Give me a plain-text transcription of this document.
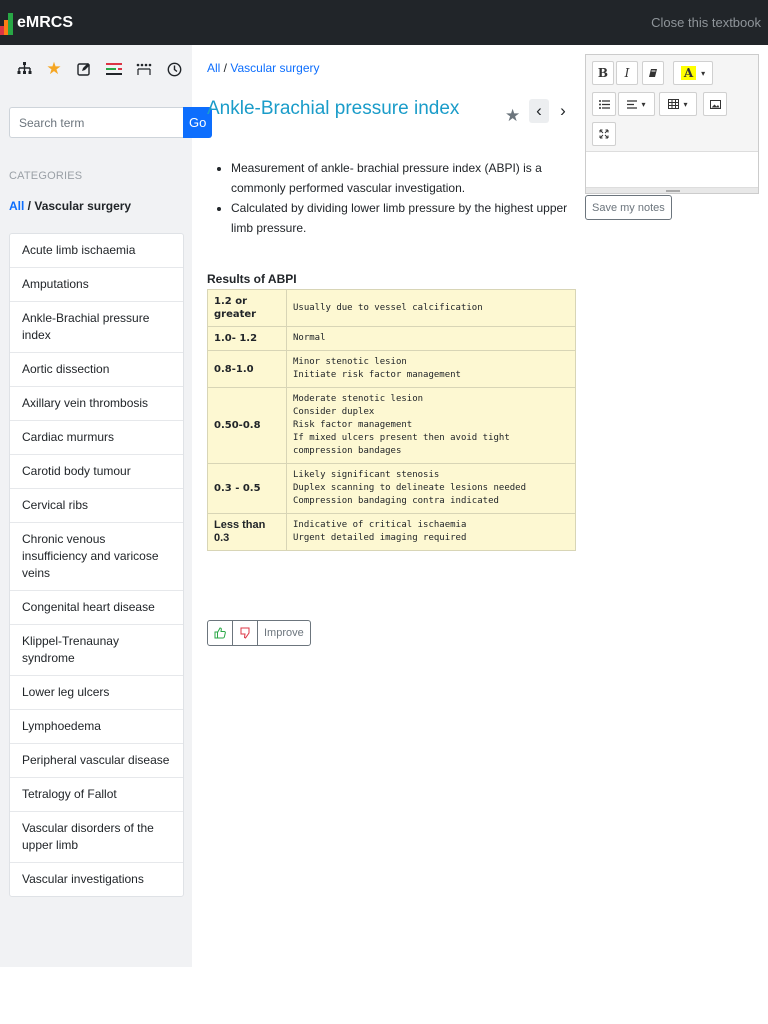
eMRCS	Close this textbook
★
Search term
Go
CATEGORIES
All / Vascular surgery
Acute limb ischaemia
Amputations
Ankle-Brachial pressure index
Aortic dissection
Axillary vein thrombosis
Cardiac murmurs
Carotid body tumour
Cervical ribs
Chronic venous insufficiency and varicose veins
Congenital heart disease
Klippel-Trenaunay syndrome
Lower leg ulcers
Lymphoedema
Peripheral vascular disease
Tetralogy of Fallot
Vascular disorders of the upper limb
Vascular investigations
All / Vascular surgery
Ankle-Brachial pressure index	★ ‹	›
• Measurement of ankle- brachial pressure index (ABPI) is a commonly performed vascular investigation.
• Calculated by dividing lower limb pressure by the highest upper limb pressure.
Results of ABPI
1.2 or greater	Usually due to vessel calcification
1.0- 1.2	Normal
0.8-1.0	Minor stenotic lesion
Initiate risk factor management
0.50-0.8	Moderate stenotic lesion
Consider duplex
Risk factor management
If mixed ulcers present then avoid tight compression bandages
0.3 - 0.5	Likely significant stenosis
Duplex scanning to delineate lesions needed
Compression bandaging contra indicated
Less than 0.3	Indicative of critical ischaemia
Urgent detailed imaging required
Improve
B	I	A	▾
▾	▾
Save my notes
